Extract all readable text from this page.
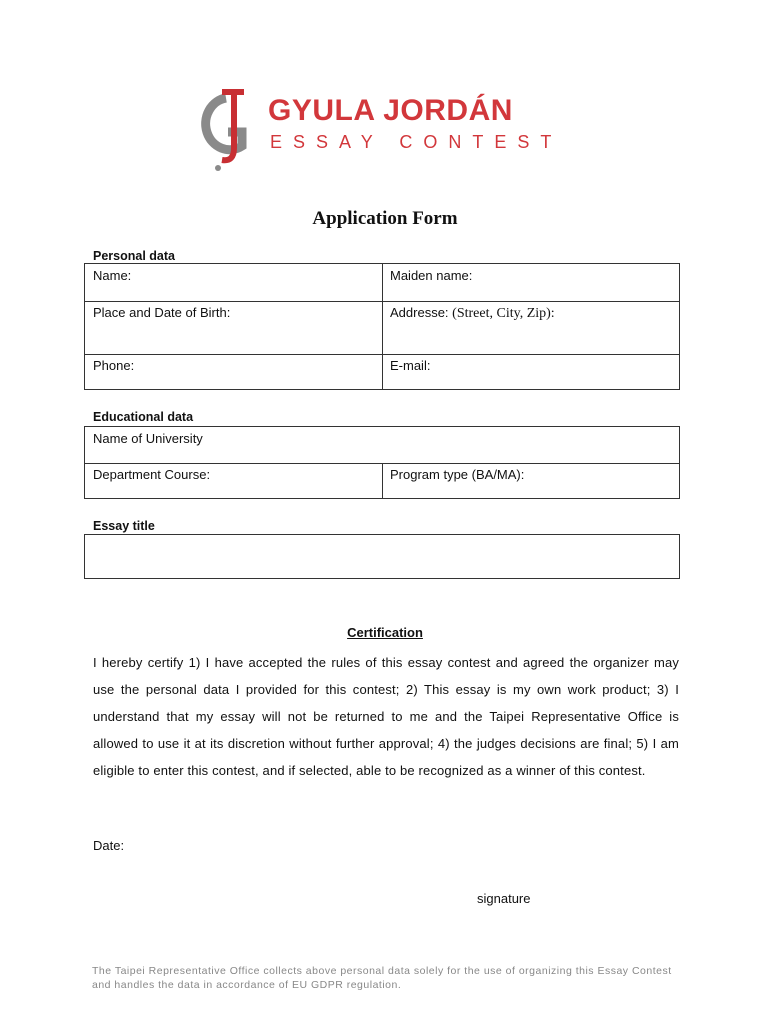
GYULA JORDÁN
ESSAY CONTEST
Application Form
Personal data
Name:	Maiden name:
Place and Date of Birth:	Addresse: (Street, City, Zip):
Phone:	E-mail:
Educational data
Name of University
Department Course:	Program type (BA/MA):
Essay title
Certification
I hereby certify 1) I have accepted the rules of this essay contest and agreed the organizer may use the personal data I provided for this contest; 2) This essay is my own work product; 3) I understand that my essay will not be returned to me and the Taipei Representative Office is allowed to use it at its discretion without further approval; 4) the judges decisions are final; 5) I am eligible to enter this contest, and if selected, able to be recognized as a winner of this contest.
Date:
signature
The Taipei Representative Office collects above personal data solely for the use of organizing this Essay Contest and handles the data in accordance of EU GDPR regulation.
